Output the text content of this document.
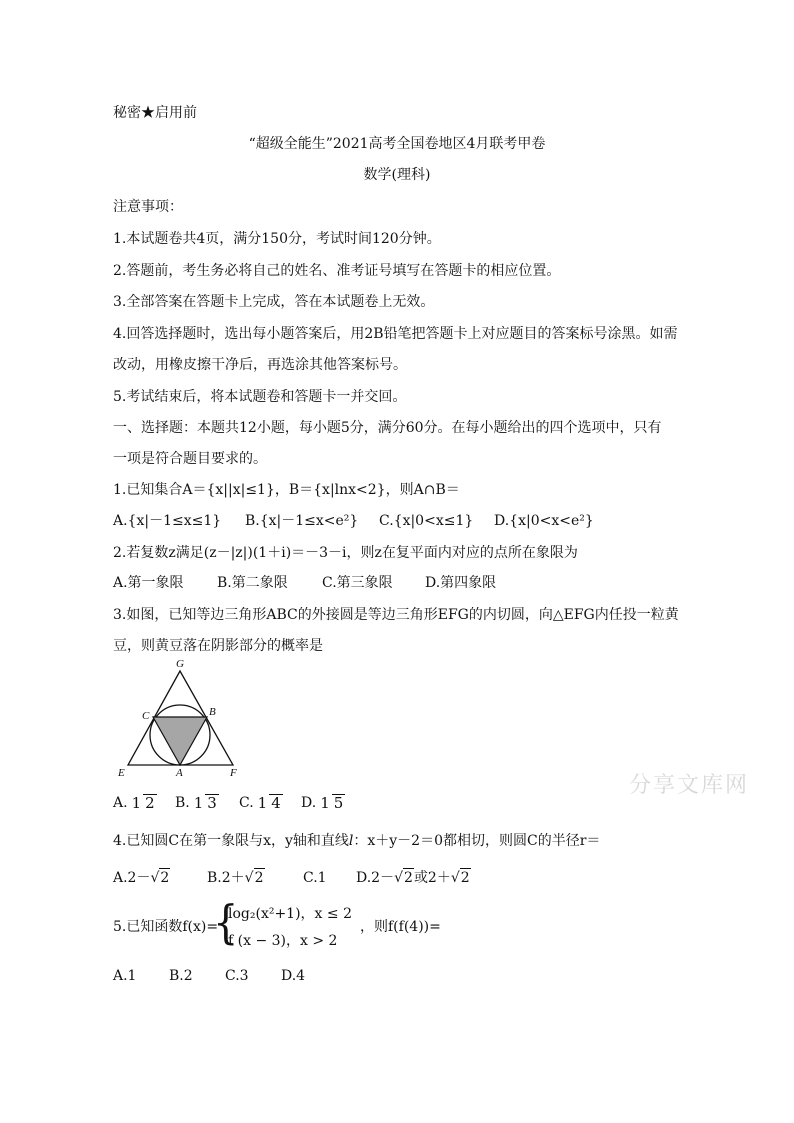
秘密★启用前
“超级全能生”2021高考全国卷地区4月联考甲卷
数学(理科)
注意事项：
1.本试题卷共4页，满分150分，考试时间120分钟。
2.答题前，考生务必将自己的姓名、准考证号填写在答题卡的相应位置。
3.全部答案在答题卡上完成，答在本试题卷上无效。
4.回答选择题时，选出每小题答案后，用2B铅笔把答题卡上对应题目的答案标号涂黑。如需
改动，用橡皮擦干净后，再选涂其他答案标号。
5.考试结束后，将本试题卷和答题卡一并交回。
一、选择题：本题共12小题，每小题5分，满分60分。在每小题给出的四个选项中，只有
一项是符合题目要求的。
1.已知集合A＝{x||x|≤1}，B＝{x|lnx<2}，则A∩B＝
A.{x|－1≤x≤1} B.{x|－1≤x<e²} C.{x|0<x≤1} D.{x|0<x<e²}
2.若复数z满足(z－|z|)(1＋i)＝－3－i，则z在复平面内对应的点所在象限为
A.第一象限 B.第二象限 C.第三象限 D.第四象限
3.如图，已知等边三角形ABC的外接圆是等边三角形EFG的内切圆，向△EFG内任投一粒黄
豆，则黄豆落在阴影部分的概率是
G
C	B
E	A	F
A. 1 2 B. 1 3 C. 1 4 D. 1 5
4.已知圆C在第一象限与x，y轴和直线l：x＋y－2＝0都相切，则圆C的半径r＝
A.2－√2	B.2＋√2	C.1 D.2－√2或2＋√2
5.已知函数f(x)=
{
log₂(x²+1)，x ≤ 2
f (x − 3)，x > 2
，则f(f(4))=
A.1 B.2 C.3 D.4
分享文库网
